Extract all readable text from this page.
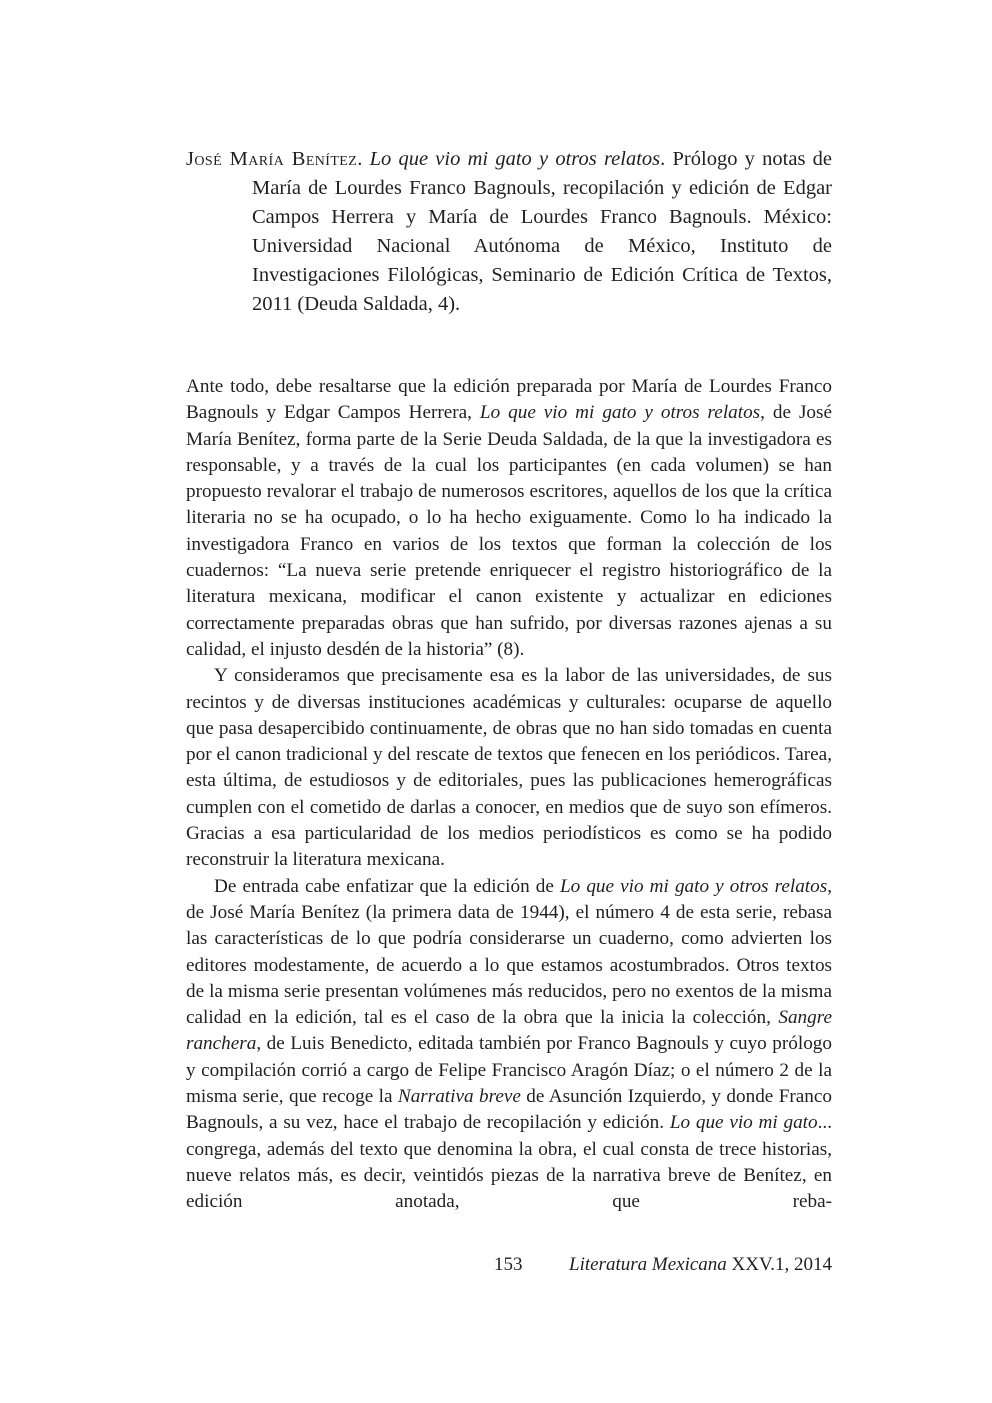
José María Benítez. Lo que vio mi gato y otros relatos. Prólogo y notas de María de Lourdes Franco Bagnouls, recopilación y edición de Edgar Campos Herrera y María de Lourdes Franco Bagnouls. México: Universidad Nacional Autónoma de México, Instituto de Investigaciones Filológicas, Seminario de Edición Crítica de Textos, 2011 (Deuda Saldada, 4).

Ante todo, debe resaltarse que la edición preparada por María de Lourdes Franco Bagnouls y Edgar Campos Herrera, Lo que vio mi gato y otros relatos, de José María Benítez, forma parte de la Serie Deuda Saldada, de la que la investigadora es responsable, y a través de la cual los participantes (en cada volumen) se han propuesto revalorar el trabajo de numerosos escritores, aquellos de los que la crítica literaria no se ha ocupado, o lo ha hecho exiguamente. Como lo ha indicado la investigadora Franco en varios de los textos que forman la colección de los cuadernos: “La nueva serie pretende enriquecer el registro historiográfico de la literatura mexicana, modificar el canon existente y actualizar en ediciones correctamente preparadas obras que han sufrido, por diversas razones ajenas a su calidad, el injusto desdén de la historia” (8).

Y consideramos que precisamente esa es la labor de las universidades, de sus recintos y de diversas instituciones académicas y culturales: ocuparse de aquello que pasa desapercibido continuamente, de obras que no han sido tomadas en cuenta por el canon tradicional y del rescate de textos que fenecen en los periódicos. Tarea, esta última, de estudiosos y de editoriales, pues las publicaciones hemerográficas cumplen con el cometido de darlas a conocer, en medios que de suyo son efímeros. Gracias a esa particularidad de los medios periodísticos es como se ha podido reconstruir la literatura mexicana.

De entrada cabe enfatizar que la edición de Lo que vio mi gato y otros relatos, de José María Benítez (la primera data de 1944), el número 4 de esta serie, rebasa las características de lo que podría considerarse un cuaderno, como advierten los editores modestamente, de acuerdo a lo que estamos acostumbrados. Otros textos de la misma serie presentan volúmenes más reducidos, pero no exentos de la misma calidad en la edición, tal es el caso de la obra que la inicia la colección, Sangre ranchera, de Luis Benedicto, editada también por Franco Bagnouls y cuyo prólogo y compilación corrió a cargo de Felipe Francisco Aragón Díaz; o el número 2 de la misma serie, que recoge la Narrativa breve de Asunción Izquierdo, y donde Franco Bagnouls, a su vez, hace el trabajo de recopilación y edición. Lo que vio mi gato... congrega, además del texto que denomina la obra, el cual consta de trece historias, nueve relatos más, es decir, veintidós piezas de la narrativa breve de Benítez, en edición anotada, que reba-

153 Literatura Mexicana XXV.1, 2014
